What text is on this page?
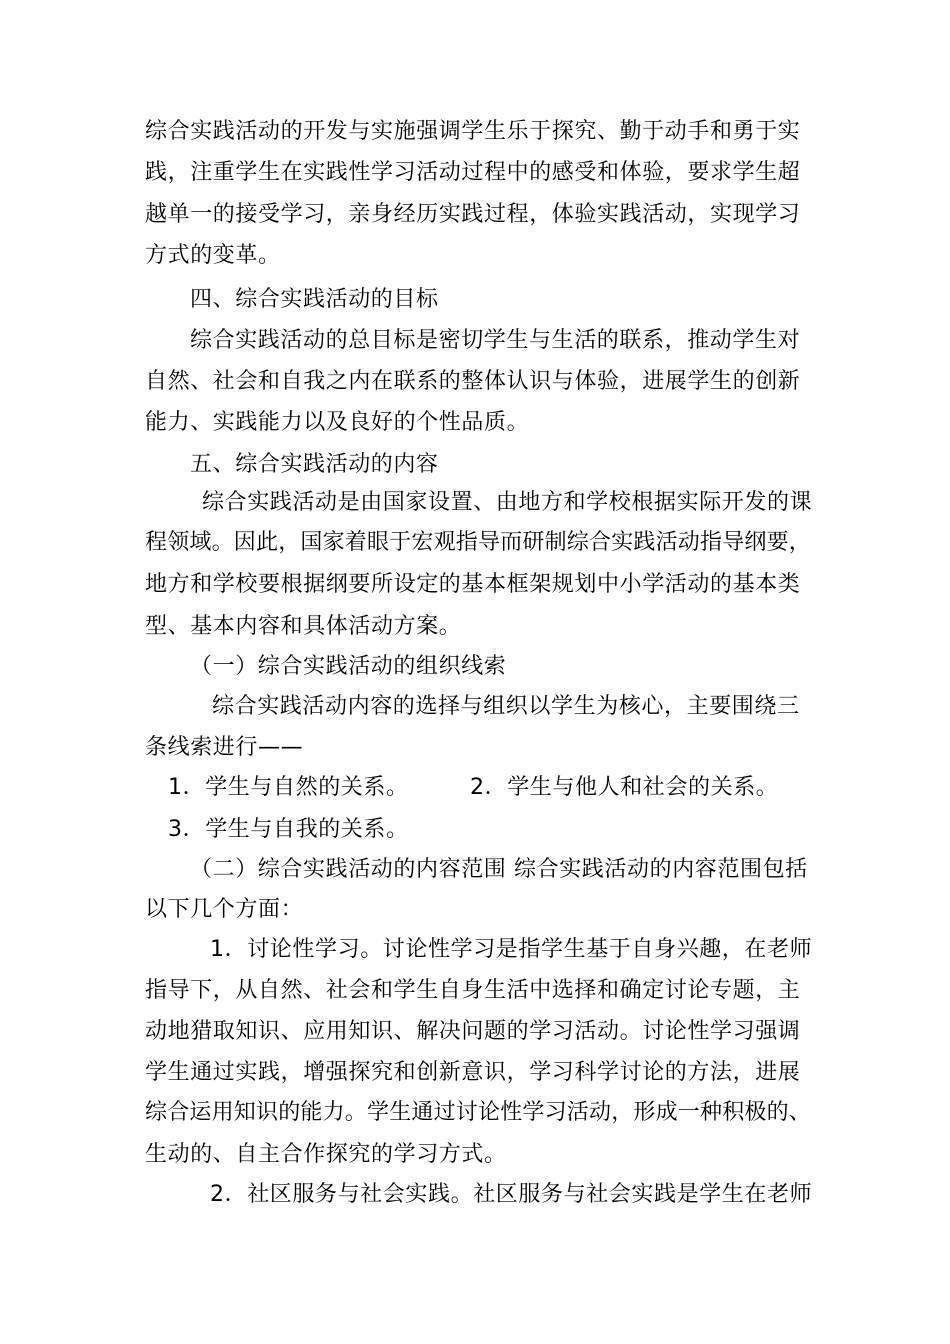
综合实践活动的开发与实施强调学生乐于探究、勤于动手和勇于实
践，注重学生在实践性学习活动过程中的感受和体验，要求学生超
越单一的接受学习，亲身经历实践过程，体验实践活动，实现学习
方式的变革。
四、综合实践活动的目标
综合实践活动的总目标是密切学生与生活的联系，推动学生对
自然、社会和自我之内在联系的整体认识与体验，进展学生的创新
能力、实践能力以及良好的个性品质。
五、综合实践活动的内容
综合实践活动是由国家设置、由地方和学校根据实际开发的课
程领域。因此，国家着眼于宏观指导而研制综合实践活动指导纲要，
地方和学校要根据纲要所设定的基本框架规划中小学活动的基本类
型、基本内容和具体活动方案。
（一）综合实践活动的组织线索
综合实践活动内容的选择与组织以学生为核心，主要围绕三
条线索进行——
1．学生与自然的关系。	2．学生与他人和社会的关系。
3．学生与自我的关系。
（二）综合实践活动的内容范围 综合实践活动的内容范围包括
以下几个方面：
1．讨论性学习。讨论性学习是指学生基于自身兴趣，在老师
指导下，从自然、社会和学生自身生活中选择和确定讨论专题，主
动地猎取知识、应用知识、解决问题的学习活动。讨论性学习强调
学生通过实践，增强探究和创新意识，学习科学讨论的方法，进展
综合运用知识的能力。学生通过讨论性学习活动，形成一种积极的、
生动的、自主合作探究的学习方式。
2．社区服务与社会实践。社区服务与社会实践是学生在老师
